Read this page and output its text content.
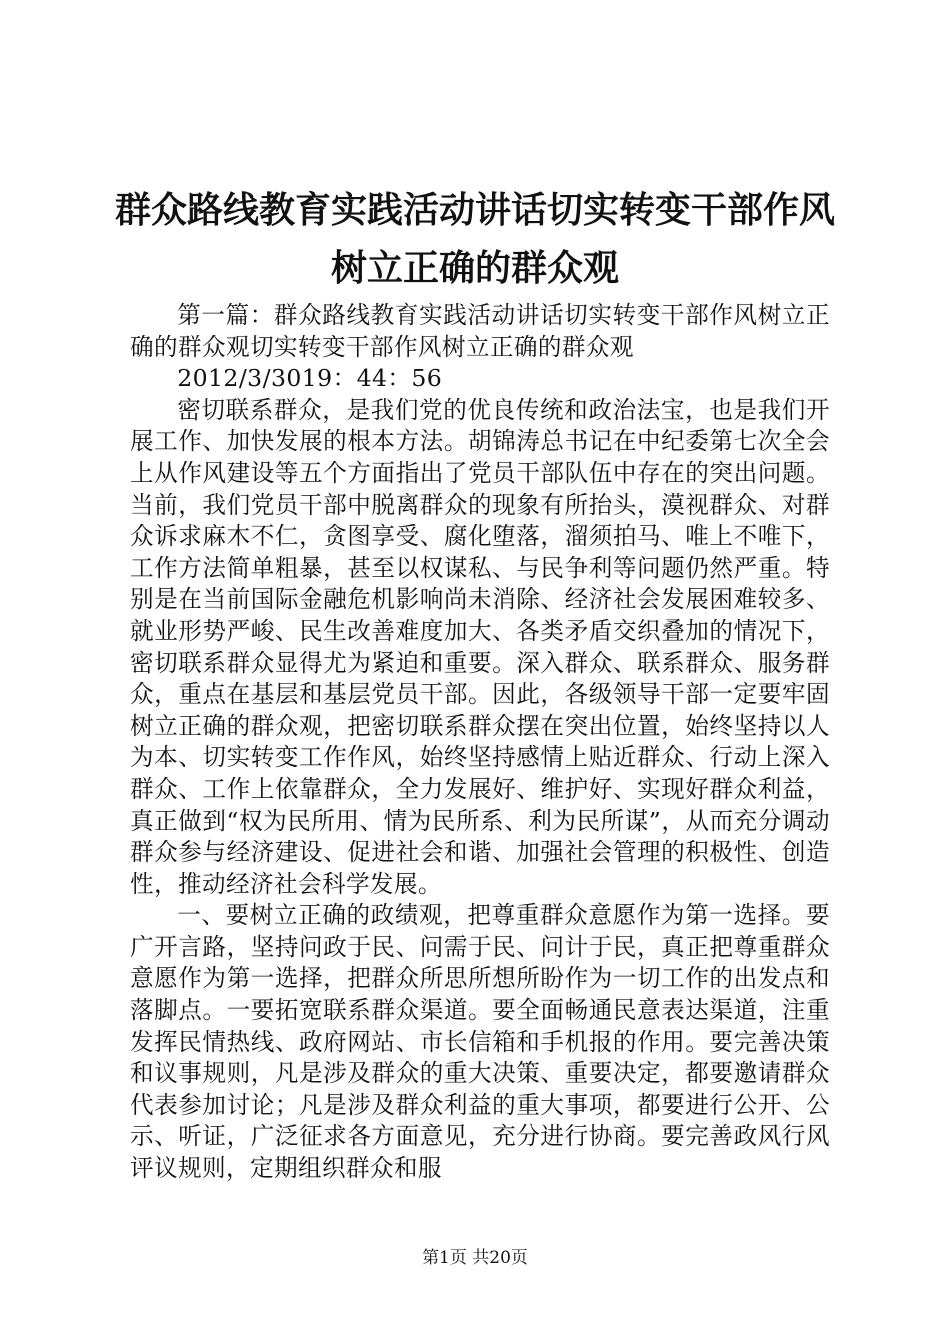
群众路线教育实践活动讲话切实转变干部作风
树立正确的群众观

第一篇：群众路线教育实践活动讲话切实转变干部作风树立正确的群众观切实转变干部作风树立正确的群众观

2012/3/3019：44：56

密切联系群众，是我们党的优良传统和政治法宝，也是我们开展工作、加快发展的根本方法。胡锦涛总书记在中纪委第七次全会上从作风建设等五个方面指出了党员干部队伍中存在的突出问题。当前，我们党员干部中脱离群众的现象有所抬头，漠视群众、对群众诉求麻木不仁，贪图享受、腐化堕落，溜须拍马、唯上不唯下，工作方法简单粗暴，甚至以权谋私、与民争利等问题仍然严重。特别是在当前国际金融危机影响尚未消除、经济社会发展困难较多、就业形势严峻、民生改善难度加大、各类矛盾交织叠加的情况下，密切联系群众显得尤为紧迫和重要。深入群众、联系群众、服务群众，重点在基层和基层党员干部。因此，各级领导干部一定要牢固树立正确的群众观，把密切联系群众摆在突出位置，始终坚持以人为本、切实转变工作作风，始终坚持感情上贴近群众、行动上深入群众、工作上依靠群众，全力发展好、维护好、实现好群众利益，真正做到“权为民所用、情为民所系、利为民所谋”，从而充分调动群众参与经济建设、促进社会和谐、加强社会管理的积极性、创造性，推动经济社会科学发展。

一、要树立正确的政绩观，把尊重群众意愿作为第一选择。要广开言路，坚持问政于民、问需于民、问计于民，真正把尊重群众意愿作为第一选择，把群众所思所想所盼作为一切工作的出发点和落脚点。一要拓宽联系群众渠道。要全面畅通民意表达渠道，注重发挥民情热线、政府网站、市长信箱和手机报的作用。要完善决策和议事规则，凡是涉及群众的重大决策、重要决定，都要邀请群众代表参加讨论；凡是涉及群众利益的重大事项，都要进行公开、公示、听证，广泛征求各方面意见，充分进行协商。要完善政风行风评议规则，定期组织群众和服

第1页 共20页
